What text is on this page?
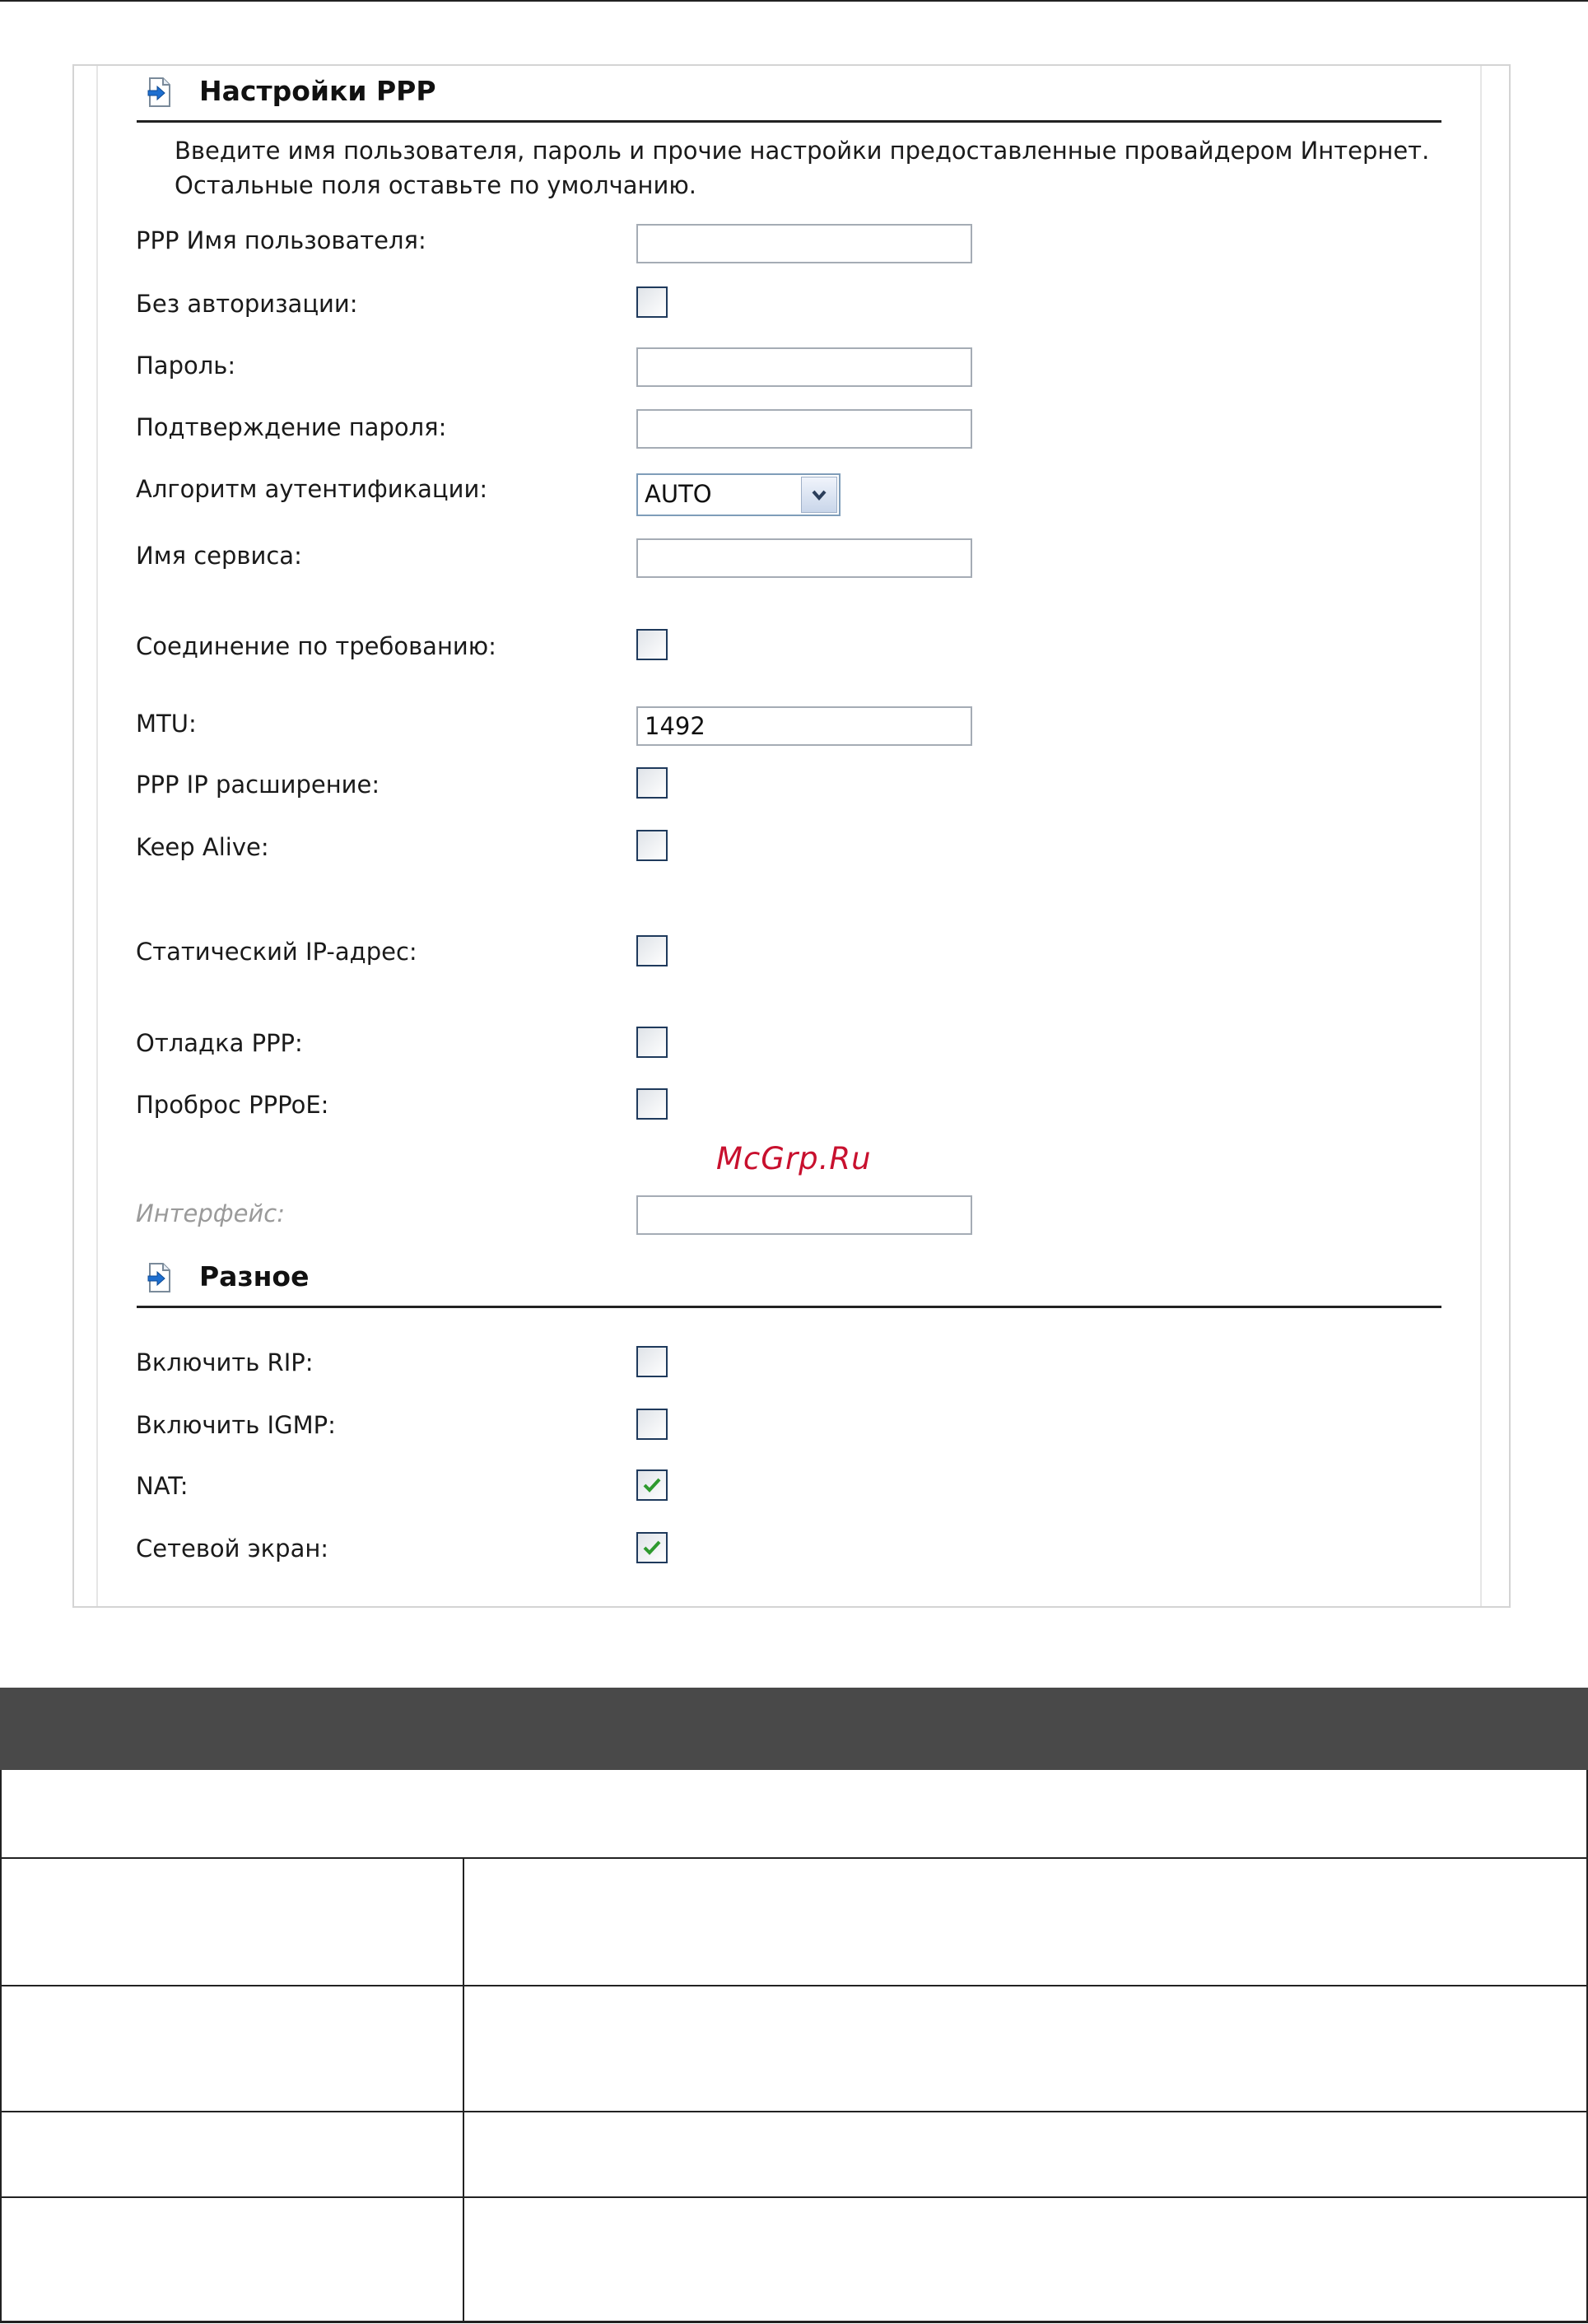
Настройки PPP
Введите имя пользователя, пароль и прочие настройки предоставленные провайдером Интернет.
Остальные поля оставьте по умолчанию.
PPP Имя пользователя:
Без авторизации:
Пароль:
Подтверждение пароля:
Алгоритм аутентификации:	AUTO
Имя сервиса:
Соединение по требованию:
MTU:
1492
PPP IP расширение:
Keep Alive:
Статический IP-адрес:
Отладка PPP:
Проброс PPPoE:
McGrp.Ru
Интерфейс:
Разное
Включить RIP:
Включить IGMP:
NAT:
Сетевой экран:
